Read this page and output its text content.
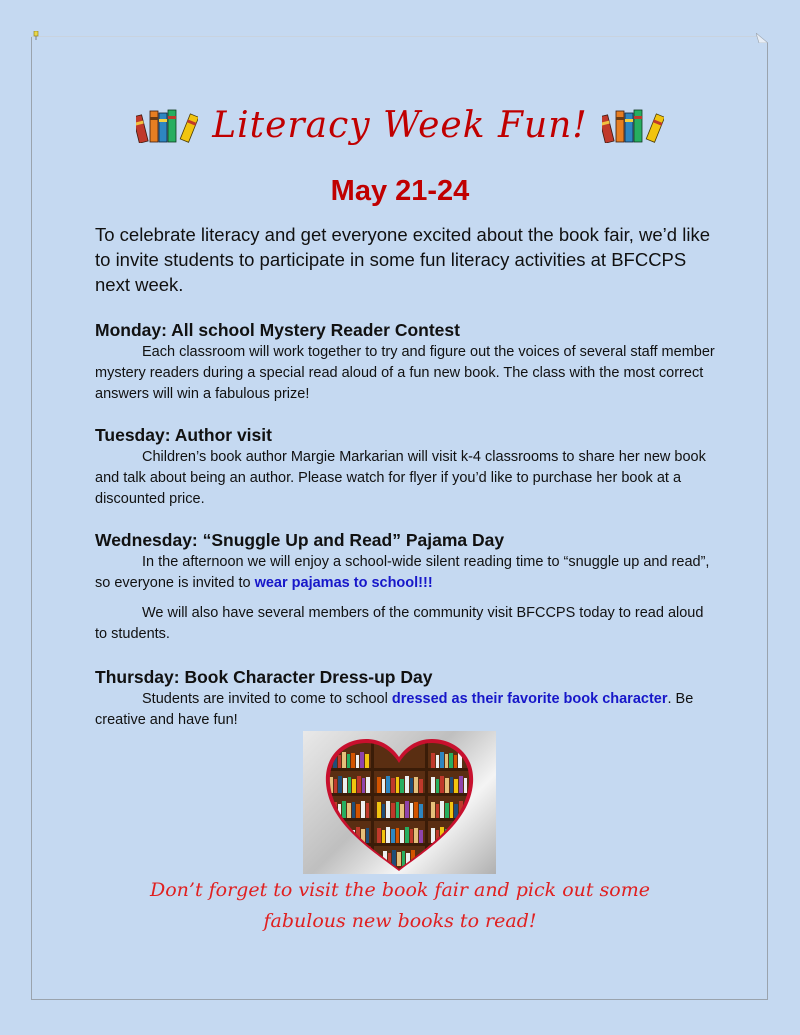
Literacy Week Fun!
May 21-24

To celebrate literacy and get everyone excited about the book fair, we’d like to invite students to participate in some fun literacy activities at BFCCPS next week.

Monday: All school Mystery Reader Contest

Each classroom will work together to try and figure out the voices of several staff member mystery readers during a special read aloud of a fun new book. The class with the most correct answers will win a fabulous prize!

Tuesday: Author visit

Children’s book author Margie Markarian will visit k-4 classrooms to share her new book and talk about being an author. Please watch for flyer if you’d like to purchase her book at a discounted price.

Wednesday: “Snuggle Up and Read” Pajama Day

In the afternoon we will enjoy a school-wide silent reading time to “snuggle up and read”, so everyone is invited to wear pajamas to school!!!

We will also have several members of the community visit BFCCPS today to read aloud to students.

Thursday: Book Character Dress-up Day

Students are invited to come to school dressed as their favorite book character. Be creative and have fun!

Don’t forget to visit the book fair and pick out some
fabulous new books to read!
